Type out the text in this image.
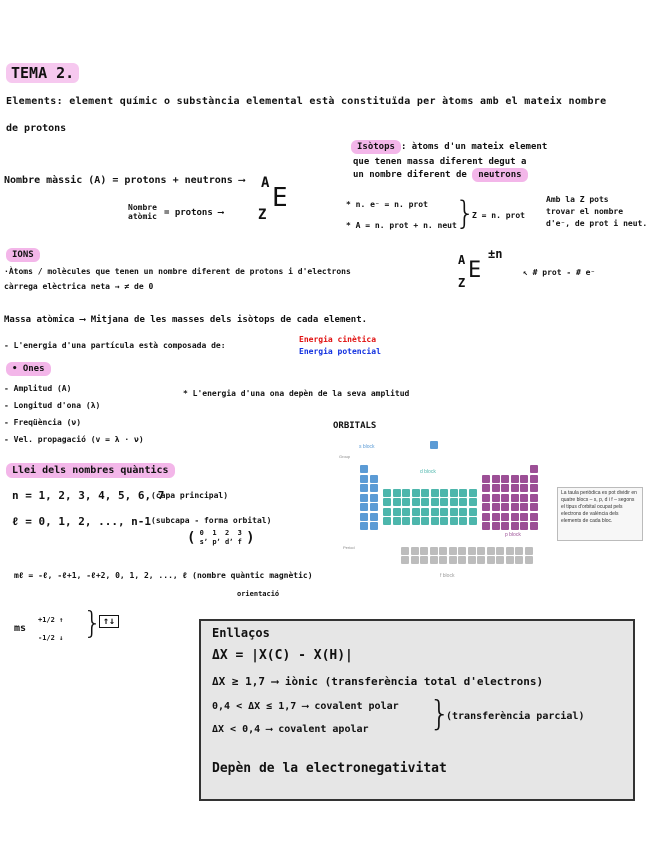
TEMA 2.
Elements: element químic o substància elemental està constituïda per àtoms amb el mateix nombre
de protons
Isòtops : àtoms d'un mateix element
que tenen massa diferent degut a
un nombre diferent de neutrons
Nombre màssic (A) = protons + neutrons ⟶ A E
Nombre
atòmic = protons ⟶ Z
* n. e⁻ = n. prot
* A = n. prot + n. neut
}
Z = n. prot
Amb la Z pots
trovar el nombre
d'e⁻, de prot i neut.
IONS
·Àtoms / molècules que tenen un nombre diferent de protons i d'electrons
càrrega elèctrica neta → ≠ de 0
A
Z E
±n
↖ # prot - # e⁻
Massa atòmica ⟶ Mitjana de les masses dels isòtops de cada element.
- L'energia d'una partícula està composada de:
Energia cinètica
Energia potencial
• Ones
- Amplitud (A)
- Longitud d'ona (λ)
- Freqüència (ν)
- Vel. propagació (v = λ · ν)
* L'energia d'una ona depèn de la seva amplitud
ORBITALS
s block
d block
p block
f block
Group
Period
La taula periòdica es pot dividir en quatre blocs – s, p, d i f – segons el tipus d'orbital ocupat pels electrons de valència dels elements de cada bloc.
Llei dels nombres quàntics
n = 1, 2, 3, 4, 5, 6, 7
(capa principal)
ℓ = 0, 1, 2, ..., n-1 (subcapa - forma orbital)
( 0
s, 1
p, 2
d, 3
f )
mℓ = -ℓ, -ℓ+1, -ℓ+2, 0, 1, 2, ..., ℓ (nombre quàntic magnètic)
orientació
ms
+1/2 ↑
-1/2 ↓ } ↑↓
Enllaços
ΔX = |X(C) - X(H)|
ΔX ≥ 1,7 ⟶ iònic (transferència total d'electrons)
0,4 < ΔX ≤ 1,7 ⟶ covalent polar
ΔX < 0,4 ⟶ covalent apolar }
(transferència parcial)
Depèn de la electronegativitat
